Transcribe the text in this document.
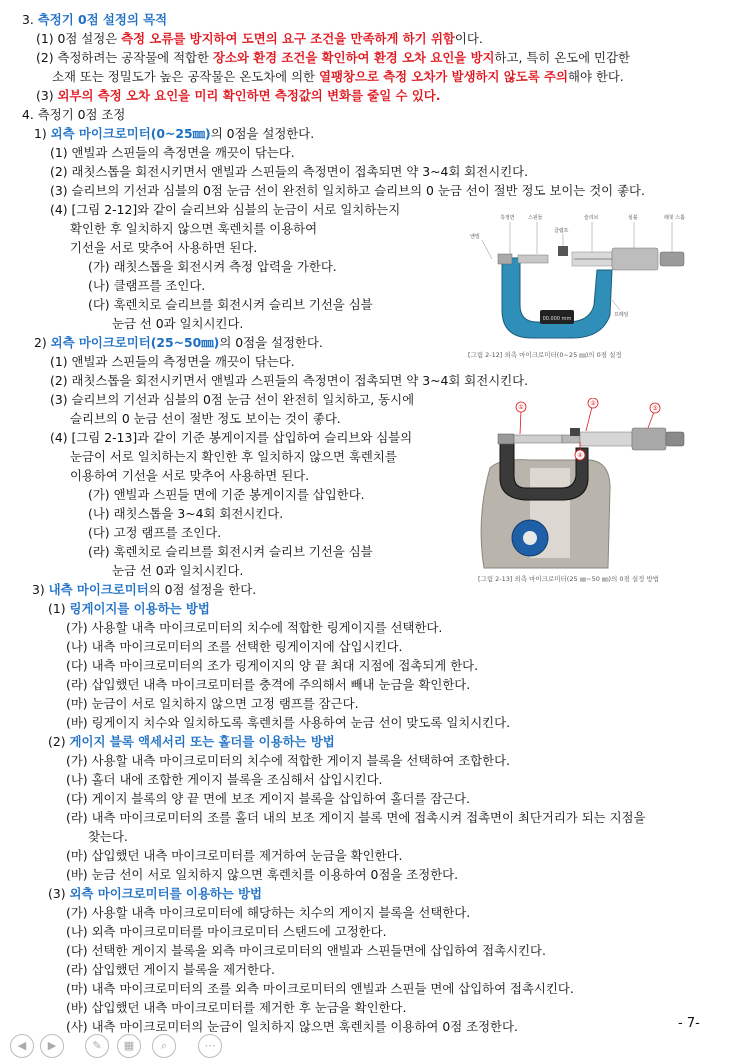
3. 측정기 0점 설정의 목적
(1) 0점 설정은 측정 오류를 방지하여 도면의 요구 조건을 만족하게 하기 위함이다.
(2) 측정하려는 공작물에 적합한 장소와 환경 조건을 확인하여 환경 오차 요인을 방지하고, 특히 온도에 민감한
소재 또는 정밀도가 높은 공작물은 온도차에 의한 열팽창으로 측정 오차가 발생하지 않도록 주의해야 한다.
(3) 외부의 측정 오차 요인을 미리 확인하면 측정값의 변화를 줄일 수 있다.
4. 측정기 0점 조정
1) 외측 마이크로미터(0~25㎜)의 0점을 설정한다.
(1) 앤빌과 스핀들의 측정면을 깨끗이 닦는다.
(2) 래칫스톱을 회전시키면서 앤빌과 스핀들의 측정면이 접촉되면 약 3~4회 회전시킨다.
(3) 슬리브의 기선과 심블의 0점 눈금 선이 완전히 일치하고 슬리브의 0 눈금 선이 절반 정도 보이는 것이 좋다.
(4) [그림 2-12]와 같이 슬리브와 심블의 눈금이 서로 일치하는지
확인한 후 일치하지 않으면 훅렌치를 이용하여
기선을 서로 맞추어 사용하면 된다.
(가) 래칫스톱을 회전시켜 측정 압력을 가한다.
(나) 클램프를 조인다.
(다) 훅렌치로 슬리브를 회전시켜 슬리브 기선을 심블
눈금 선 0과 일치시킨다.
2) 외측 마이크로미터(25~50㎜)의 0점을 설정한다.
(1) 앤빌과 스핀들의 측정면을 깨끗이 닦는다.
(2) 래칫스톱을 회전시키면서 앤빌과 스핀들의 측정면이 접촉되면 약 3~4회 회전시킨다.
(3) 슬리브의 기선과 심블의 0점 눈금 선이 완전히 일치하고, 동시에
슬리브의 0 눈금 선이 절반 정도 보이는 것이 좋다.
(4) [그림 2-13]과 같이 기준 봉게이지를 삽입하여 슬리브와 심블의
눈금이 서로 일치하는지 확인한 후 일치하지 않으면 훅렌치를
이용하여 기선을 서로 맞추어 사용하면 된다.
(가) 앤빌과 스핀들 면에 기준 봉게이지를 삽입한다.
(나) 래칫스톱을 3~4회 회전시킨다.
(다) 고정 램프를 조인다.
(라) 훅렌치로 슬리브를 회전시켜 슬리브 기선을 심블
눈금 선 0과 일치시킨다.
3) 내측 마이크로미터의 0점 설정을 한다.
(1) 링게이지를 이용하는 방법
(가) 사용할 내측 마이크로미터의 치수에 적합한 링게이지를 선택한다.
(나) 내측 마이크로미터의 조를 선택한 링게이지에 삽입시킨다.
(다) 내측 마이크로미터의 조가 링게이지의 양 끝 최대 지점에 접촉되게 한다.
(라) 삽입했던 내측 마이크로미터를 충격에 주의해서 빼내 눈금을 확인한다.
(마) 눈금이 서로 일치하지 않으면 고정 램프를 잠근다.
(바) 링게이지 치수와 일치하도록 훅렌치를 사용하여 눈금 선이 맞도록 일치시킨다.
(2) 게이지 블록 액세서리 또는 홀더를 이용하는 방법
(가) 사용할 내측 마이크로미터의 치수에 적합한 게이지 블록을 선택하여 조합한다.
(나) 홀더 내에 조합한 게이지 블록을 조심해서 삽입시킨다.
(다) 게이지 블록의 양 끝 면에 보조 게이지 블록을 삽입하여 홀더를 잠근다.
(라) 내측 마이크로미터의 조를 홀더 내의 보조 게이지 블록 면에 접촉시켜 접촉면이 최단거리가 되는 지점을
찾는다.
(마) 삽입했던 내측 마이크로미터를 제거하여 눈금을 확인한다.
(바) 눈금 선이 서로 일치하지 않으면 훅렌치를 이용하여 0점을 조정한다.
(3) 외측 마이크로미터를 이용하는 방법
(가) 사용할 내측 마이크로미터에 해당하는 치수의 게이지 블록을 선택한다.
(나) 외측 마이크로미터를 마이크로미터 스탠드에 고정한다.
(다) 선택한 게이지 블록을 외측 마이크로미터의 앤빌과 스핀들면에 삽입하여 접촉시킨다.
(라) 삽입했던 게이지 블록을 제거한다.
(마) 내측 마이크로미터의 조를 외측 마이크로미터의 앤빌과 스핀들 면에 삽입하여 접촉시킨다.
(바) 삽입했던 내측 마이크로미터를 제거한 후 눈금을 확인한다.
(사) 내측 마이크로미터의 눈금이 일치하지 않으면 훅렌치를 이용하여 0점 조정한다.
00.000 mm
측정면	스핀들	슬리브	심블	래칫 스톱
앤빌
클램프
프레임
[그림 2-12] 외측 마이크로미터(0~25 ㎜)의 0점 설정
①
②
③
④
[그림 2-13] 외측 마이크로미터(25 ㎜~50 ㎜)의 0점 설정 방법
- 7-
◀	▶	✎	▦	⌕	⋯
